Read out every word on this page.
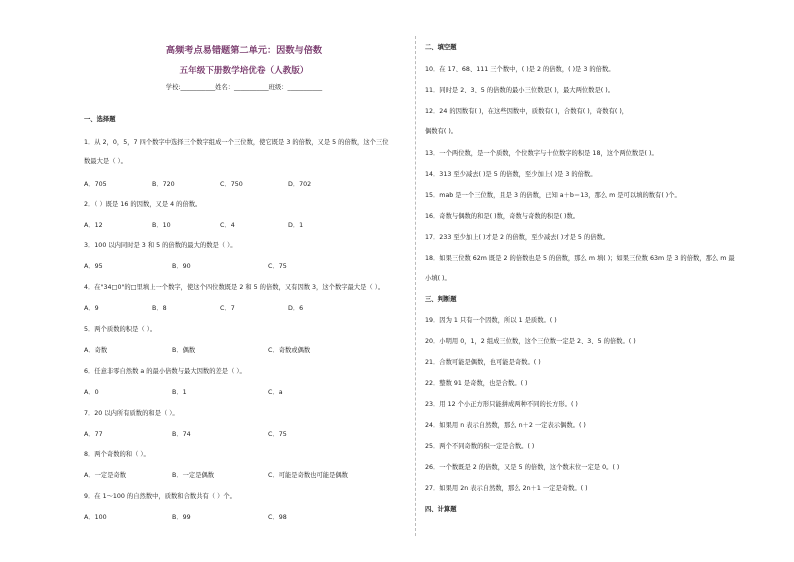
高频考点易错题第二单元：因数与倍数
五年级下册数学培优卷（人教版）
学校:___________姓名：___________班级：___________
一、选择题
1．从 2，0，5，7 四个数字中选择三个数字组成一个三位数，使它既是 3 的倍数，又是 5 的倍数，这个三位
数最大是（ ）。
A．705	B．720	C．750	D．702
2．（ ）既是 16 的因数，又是 4 的倍数。
A．12	B．10	C．4	D．1
3．100 以内同时是 3 和 5 的倍数的最大的数是（ ）。
A．95	B．90	C．75
4．在"34□0"的□里填上一个数字，使这个四位数既是 2 和 5 的倍数，又有因数 3，这个数字最大是（ ）。
A．9	B．8	C．7	D．6
5．两个质数的积是（ ）。
A．奇数	B．偶数	C．奇数或偶数
6．任意非零自然数 a 的最小倍数与最大因数的差是（ ）。
A．0	B．1	C．a
7．20 以内所有质数的和是（ ）。
A．77	B．74	C．75
8．两个奇数的和（ ）。
A．一定是奇数	B．一定是偶数	C．可能是奇数也可能是偶数
9．在 1～100 的自然数中，质数和合数共有（ ）个。
A．100	B．99	C．98
二、填空题
10．在 17、68、111 三个数中，( )是 2 的倍数，( )是 3 的倍数。
11．同时是 2、3、5 的倍数的最小三位数是( )，最大两位数是( )。
12．24 的因数有( )，在这些因数中，质数有( )，合数有( )，奇数有( )，
偶数有( )。
13．一个两位数，是一个质数，个位数字与十位数字的积是 18，这个两位数是( )。
14．313 至少减去( )是 5 的倍数，至少加上( )是 3 的倍数。
15．mab 是一个三位数，且是 3 的倍数，已知 a＋b＝13，那么 m 是可以填的数有( )个。
16．奇数与偶数的和是( )数，奇数与奇数的积是( )数。
17．233 至少加上( )才是 2 的倍数，至少减去( )才是 5 的倍数。
18．如果三位数 62m 既是 2 的倍数也是 5 的倍数，那么 m 填( )；如果三位数 63m 是 3 的倍数，那么 m 最
小填( )。
三、判断题
19．因为 1 只有一个因数，所以 1 是质数。( )
20．小明用 0，1，2 组成三位数，这个三位数一定是 2、3、5 的倍数。( )
21．合数可能是偶数，也可能是奇数。( )
22．整数 91 是奇数，也是合数。( )
23．用 12 个小正方形只能拼成两种不同的长方形。( )
24．如果用 n 表示自然数，那么 n＋2 一定表示偶数。( )
25．两个不同奇数的积一定是合数。( )
26．一个数既是 2 的倍数，又是 5 的倍数，这个数末位一定是 0。( )
27．如果用 2n 表示自然数，那么 2n＋1 一定是奇数。( )
四、计算题
